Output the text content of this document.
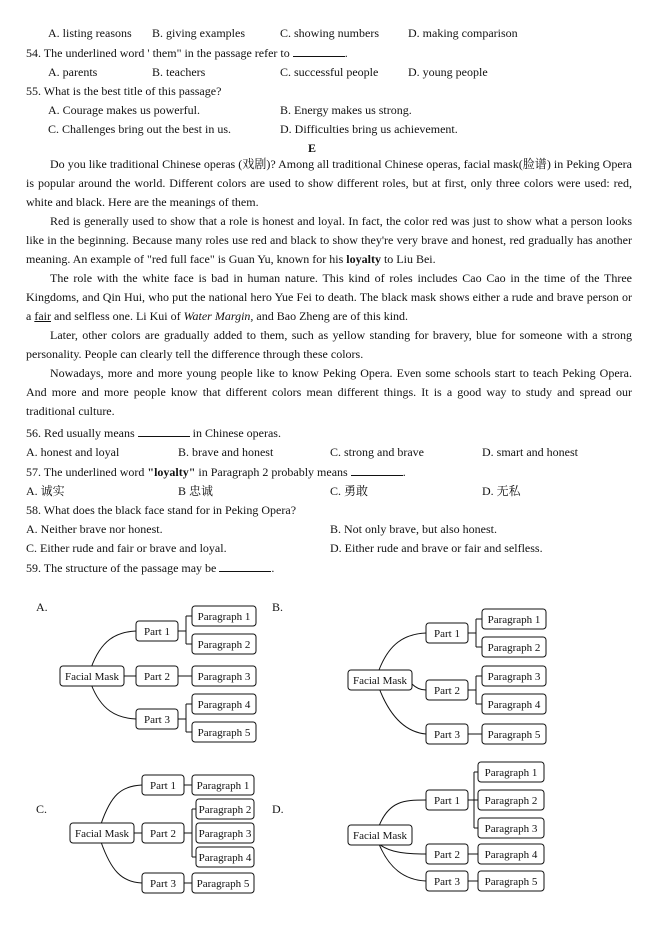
A. listing reasons B. giving examples	C. showing numbers D. making comparison
54. The underlined word ' them" in the passage refer to	.
A. parents	B. teachers	C. successful people D. young people
55. What is the best title of this passage?
A. Courage makes us powerful.	B. Energy makes us strong.
C. Challenges bring out the best in us.	D. Difficulties bring us achievement.
E

Do you like traditional Chinese operas (戏剧)? Among all traditional Chinese operas, facial mask(脸谱) in Peking Opera is popular around the world. Different colors are used to show different roles, but at first, only three colors were used: red, white and black. Here are the meanings of them.

Red is generally used to show that a role is honest and loyal. In fact, the color red was just to show what a person looks like in the beginning. Because many roles use red and black to show they're very brave and honest, red gradually has another meaning. An example of "red full face" is Guan Yu, known for his loyalty to Liu Bei.

The role with the white face is bad in human nature. This kind of roles includes Cao Cao in the time of the Three Kingdoms, and Qin Hui, who put the national hero Yue Fei to death. The black mask shows either a rude and brave person or a fair and selfless one. Li Kui of Water Margin, and Bao Zheng are of this kind.

Later, other colors are gradually added to them, such as yellow standing for bravery, blue for someone with a strong personality. People can clearly tell the difference through these colors.

Nowadays, more and more young people like to know Peking Opera. Even some schools start to teach Peking Opera. And more and more people know that different colors mean different things. It is a good way to study and spread our traditional culture.

56. Red usually means	in Chinese operas.
A. honest and loyal	B. brave and honest	C. strong and brave	D. smart and honest
57. The underlined word "loyalty" in Paragraph 2 probably means	.
A. 诚实	B 忠诚	C. 勇敢	D. 无私
58. What does the black face stand for in Peking Opera?
A. Neither brave nor honest.	B. Not only brave, but also honest.
C. Either rude and fair or brave and loyal.	D. Either rude and brave or fair and selfless.
59. The structure of the passage may be	.
A.	B.
C.	D.
Facial Mask
Part 1
Part 2
Part 3
Paragraph 1
Paragraph 2
Paragraph 3
Paragraph 4
Paragraph 5
Facial Mask
Part 1
Part 2
Part 3
Paragraph 1
Paragraph 2
Paragraph 3
Paragraph 4
Paragraph 5
Facial Mask
Part 1
Part 2
Part 3
Paragraph 1
Paragraph 2
Paragraph 3
Paragraph 4
Paragraph 5
Facial Mask
Part 1
Part 2
Part 3
Paragraph 1
Paragraph 2
Paragraph 3
Paragraph 4
Paragraph 5
